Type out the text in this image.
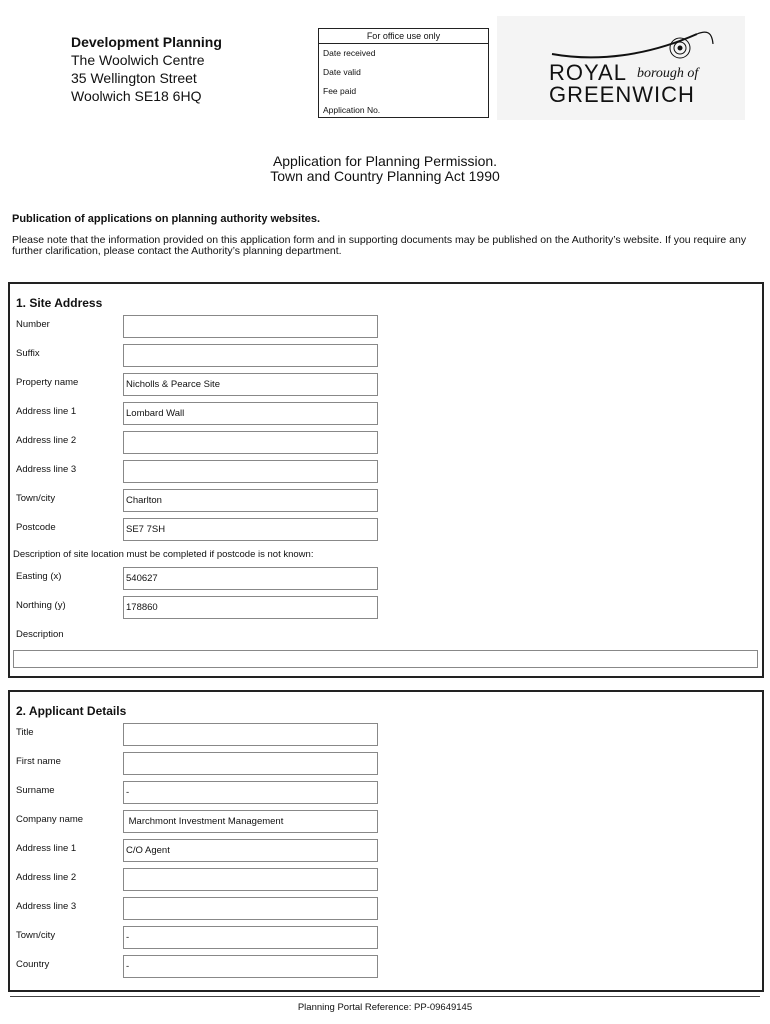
Development Planning
The Woolwich Centre
35 Wellington Street
Woolwich SE18 6HQ
For office use only
Date received
Date valid
Fee paid
Application No.
ROYAL borough of
GREENWICH
Application for Planning Permission.
Town and Country Planning Act 1990
Publication of applications on planning authority websites.
Please note that the information provided on this application form and in supporting documents may be published on the Authority’s website. If you require any further clarification, please contact the Authority’s planning department.
1. Site Address
Number
Suffix
Property name	Nicholls & Pearce Site
Address line 1	Lombard Wall
Address line 2
Address line 3
Town/city	Charlton
Postcode	SE7 7SH
Description of site location must be completed if postcode is not known:
Easting (x)	540627
Northing (y)	178860
Description
2. Applicant Details
Title
First name
Surname	-
Company name	Marchmont Investment Management
Address line 1	C/O Agent
Address line 2
Address line 3
Town/city	-
Country	-
Planning Portal Reference: PP-09649145
